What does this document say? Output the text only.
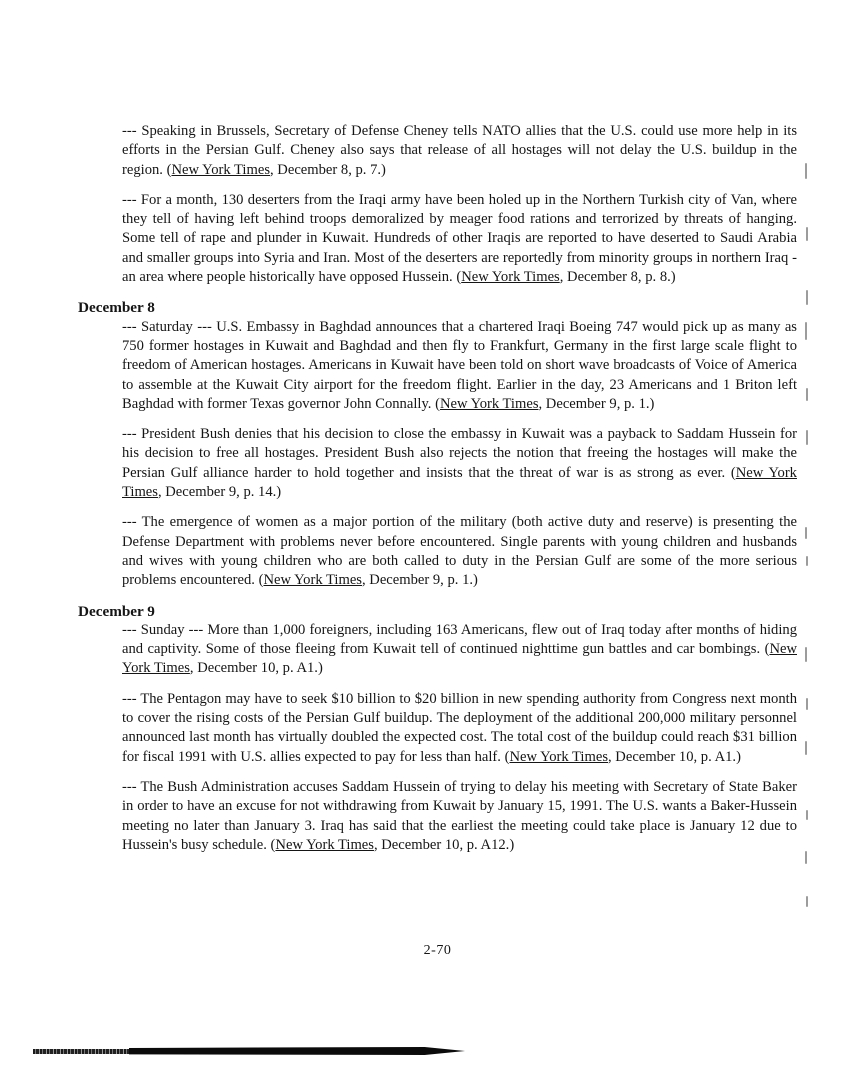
--- Speaking in Brussels, Secretary of Defense Cheney tells NATO allies that the U.S. could use more help in its efforts in the Persian Gulf. Cheney also says that release of all hostages will not delay the U.S. buildup in the region. (New York Times, December 8, p. 7.)

--- For a month, 130 deserters from the Iraqi army have been holed up in the Northern Turkish city of Van, where they tell of having left behind troops demoralized by meager food rations and terrorized by threats of hanging. Some tell of rape and plunder in Kuwait. Hundreds of other Iraqis are reported to have deserted to Saudi Arabia and smaller groups into Syria and Iran. Most of the deserters are reportedly from minority groups in northern Iraq - an area where people historically have opposed Hussein. (New York Times, December 8, p. 8.)

December 8

--- Saturday --- U.S. Embassy in Baghdad announces that a chartered Iraqi Boeing 747 would pick up as many as 750 former hostages in Kuwait and Baghdad and then fly to Frankfurt, Germany in the first large scale flight to freedom of American hostages. Americans in Kuwait have been told on short wave broadcasts of Voice of America to assemble at the Kuwait City airport for the freedom flight. Earlier in the day, 23 Americans and 1 Briton left Baghdad with former Texas governor John Connally. (New York Times, December 9, p. 1.)

--- President Bush denies that his decision to close the embassy in Kuwait was a payback to Saddam Hussein for his decision to free all hostages. President Bush also rejects the notion that freeing the hostages will make the Persian Gulf alliance harder to hold together and insists that the threat of war is as strong as ever. (New York Times, December 9, p. 14.)

--- The emergence of women as a major portion of the military (both active duty and reserve) is presenting the Defense Department with problems never before encountered. Single parents with young children and husbands and wives with young children who are both called to duty in the Persian Gulf are some of the more serious problems encountered. (New York Times, December 9, p. 1.)

December 9

--- Sunday --- More than 1,000 foreigners, including 163 Americans, flew out of Iraq today after months of hiding and captivity. Some of those fleeing from Kuwait tell of continued nighttime gun battles and car bombings. (New York Times, December 10, p. A1.)

--- The Pentagon may have to seek $10 billion to $20 billion in new spending authority from Congress next month to cover the rising costs of the Persian Gulf buildup. The deployment of the additional 200,000 military personnel announced last month has virtually doubled the expected cost. The total cost of the buildup could reach $31 billion for fiscal 1991 with U.S. allies expected to pay for less than half. (New York Times, December 10, p. A1.)

--- The Bush Administration accuses Saddam Hussein of trying to delay his meeting with Secretary of State Baker in order to have an excuse for not withdrawing from Kuwait by January 15, 1991. The U.S. wants a Baker-Hussein meeting no later than January 3. Iraq has said that the earliest the meeting could take place is January 12 due to Hussein's busy schedule. (New York Times, December 10, p. A12.)

2-70
